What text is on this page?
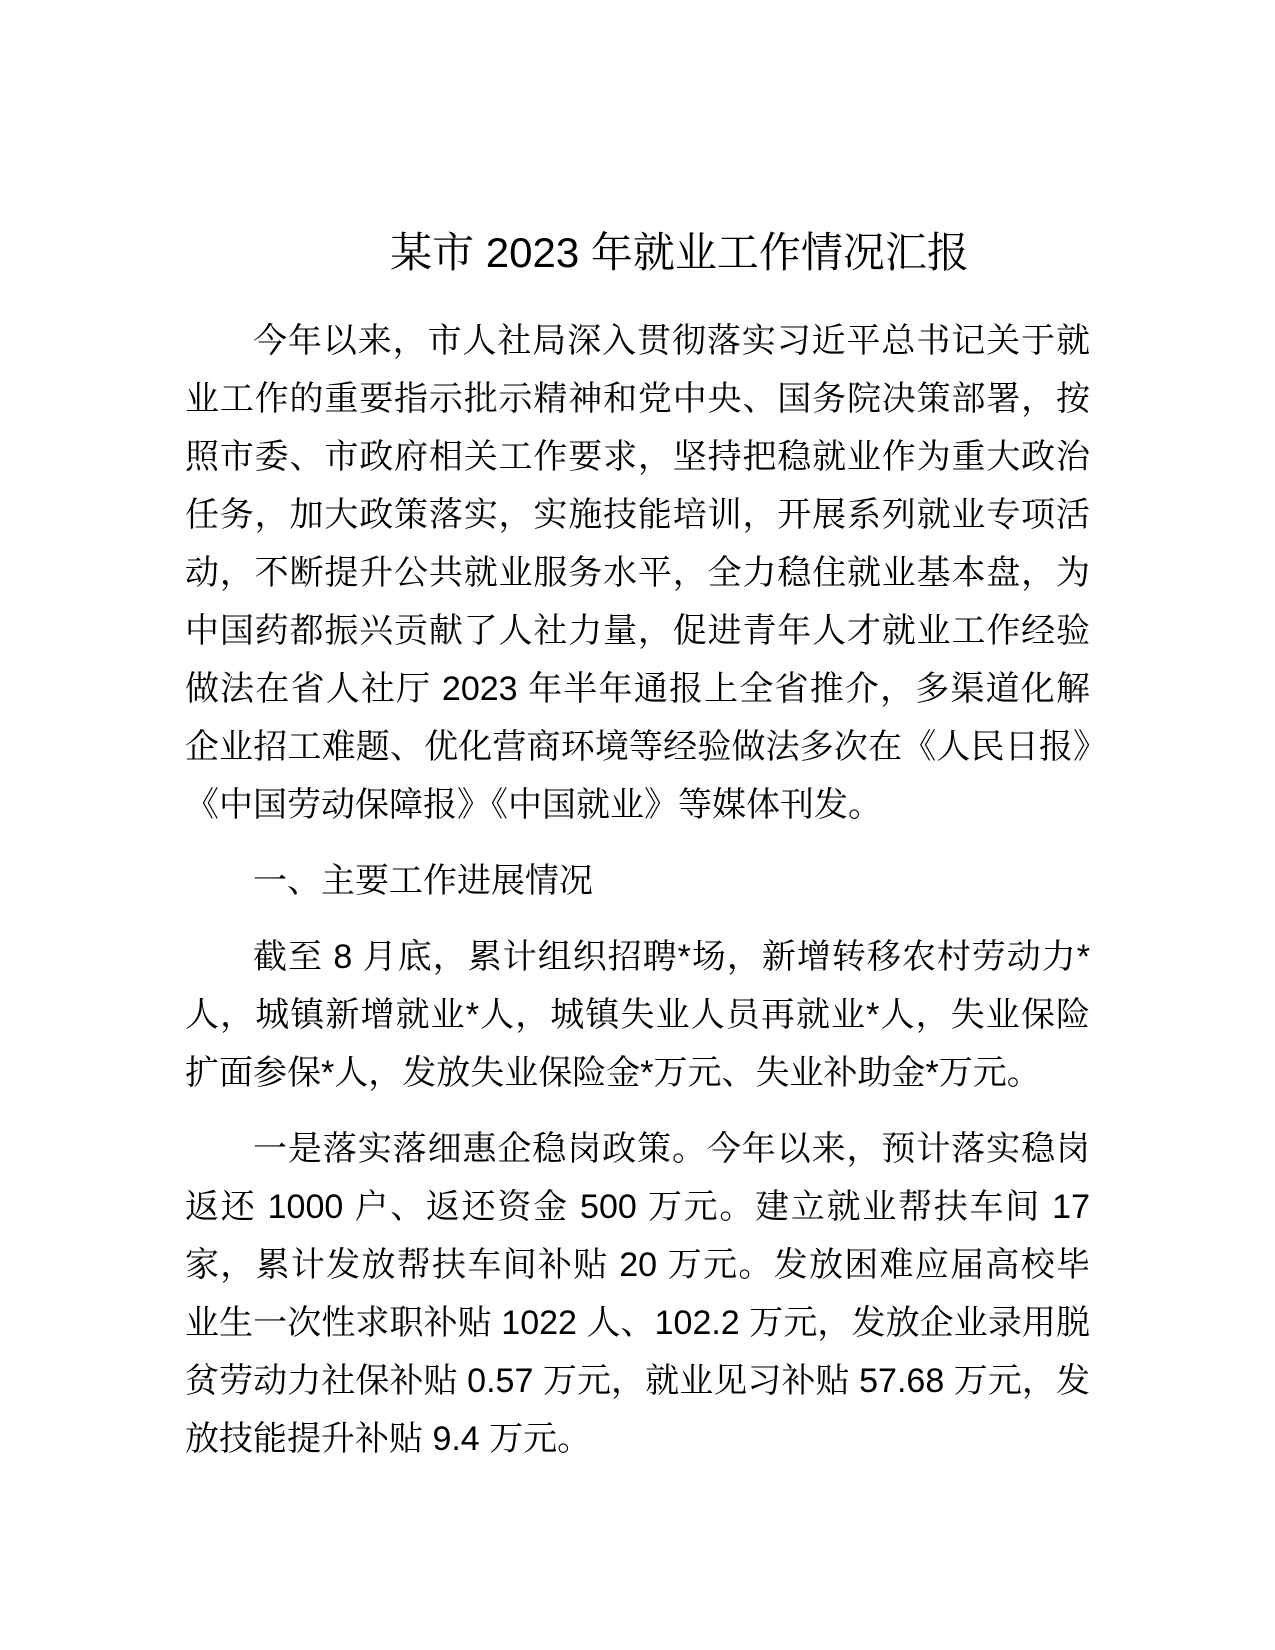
某市 2023 年就业工作情况汇报
今年以来，市人社局深入贯彻落实习近平总书记关于就业工作的重要指示批示精神和党中央、国务院决策部署，按照市委、市政府相关工作要求，坚持把稳就业作为重大政治任务，加大政策落实，实施技能培训，开展系列就业专项活动，不断提升公共就业服务水平，全力稳住就业基本盘，为中国药都振兴贡献了人社力量，促进青年人才就业工作经验做法在省人社厅 2023 年半年通报上全省推介，多渠道化解企业招工难题、优化营商环境等经验做法多次在《人民日报》《中国劳动保障报》《中国就业》等媒体刊发。
一、主要工作进展情况
截至 8 月底，累计组织招聘*场，新增转移农村劳动力*人，城镇新增就业*人，城镇失业人员再就业*人，失业保险扩面参保*人，发放失业保险金*万元、失业补助金*万元。
一是落实落细惠企稳岗政策。今年以来，预计落实稳岗返还 1000 户、返还资金 500 万元。建立就业帮扶车间 17 家，累计发放帮扶车间补贴 20 万元。发放困难应届高校毕业生一次性求职补贴 1022 人、102.2 万元，发放企业录用脱贫劳动力社保补贴 0.57 万元，就业见习补贴 57.68 万元，发放技能提升补贴 9.4 万元。
